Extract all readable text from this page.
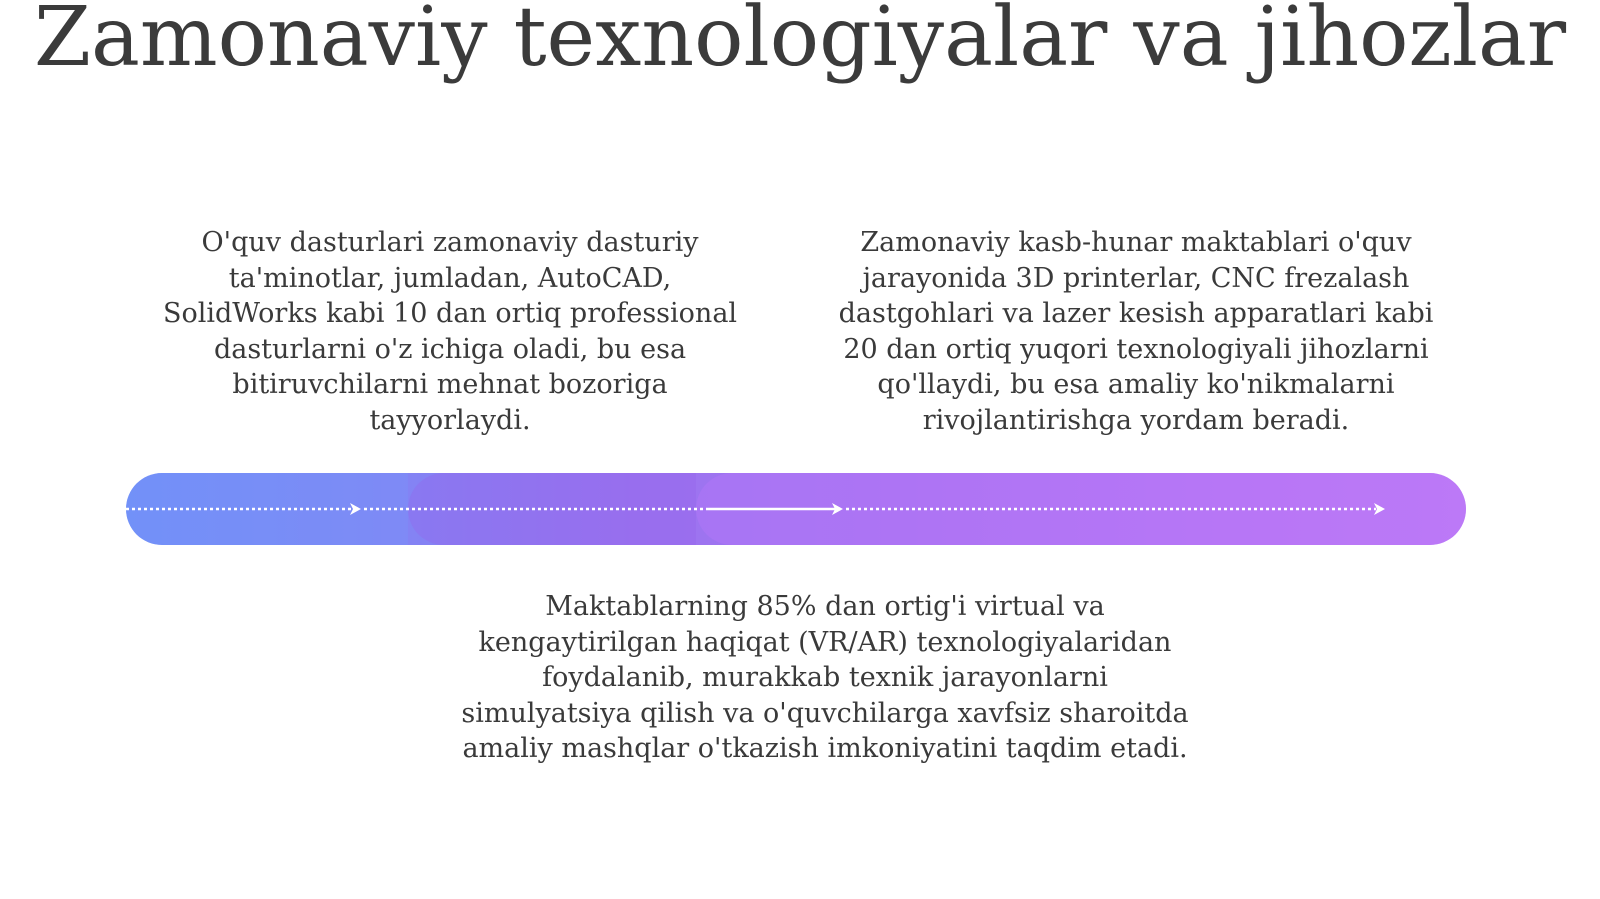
Zamonaviy texnologiyalar va jihozlar

O'quv dasturlari zamonaviy dasturiy ta'minotlar, jumladan, AutoCAD, SolidWorks kabi 10 dan ortiq professional dasturlarni o'z ichiga oladi, bu esa bitiruvchilarni mehnat bozoriga tayyorlaydi.

Zamonaviy kasb-hunar maktablari o'quv jarayonida 3D printerlar, CNC frezalash dastgohlari va lazer kesish apparatlari kabi 20 dan ortiq yuqori texnologiyali jihozlarni qo'llaydi, bu esa amaliy ko'nikmalarni rivojlantirishga yordam beradi.

Maktablarning 85% dan ortig'i virtual va kengaytirilgan haqiqat (VR/AR) texnologiyalaridan foydalanib, murakkab texnik jarayonlarni simulyatsiya qilish va o'quvchilarga xavfsiz sharoitda amaliy mashqlar o'tkazish imkoniyatini taqdim etadi.
